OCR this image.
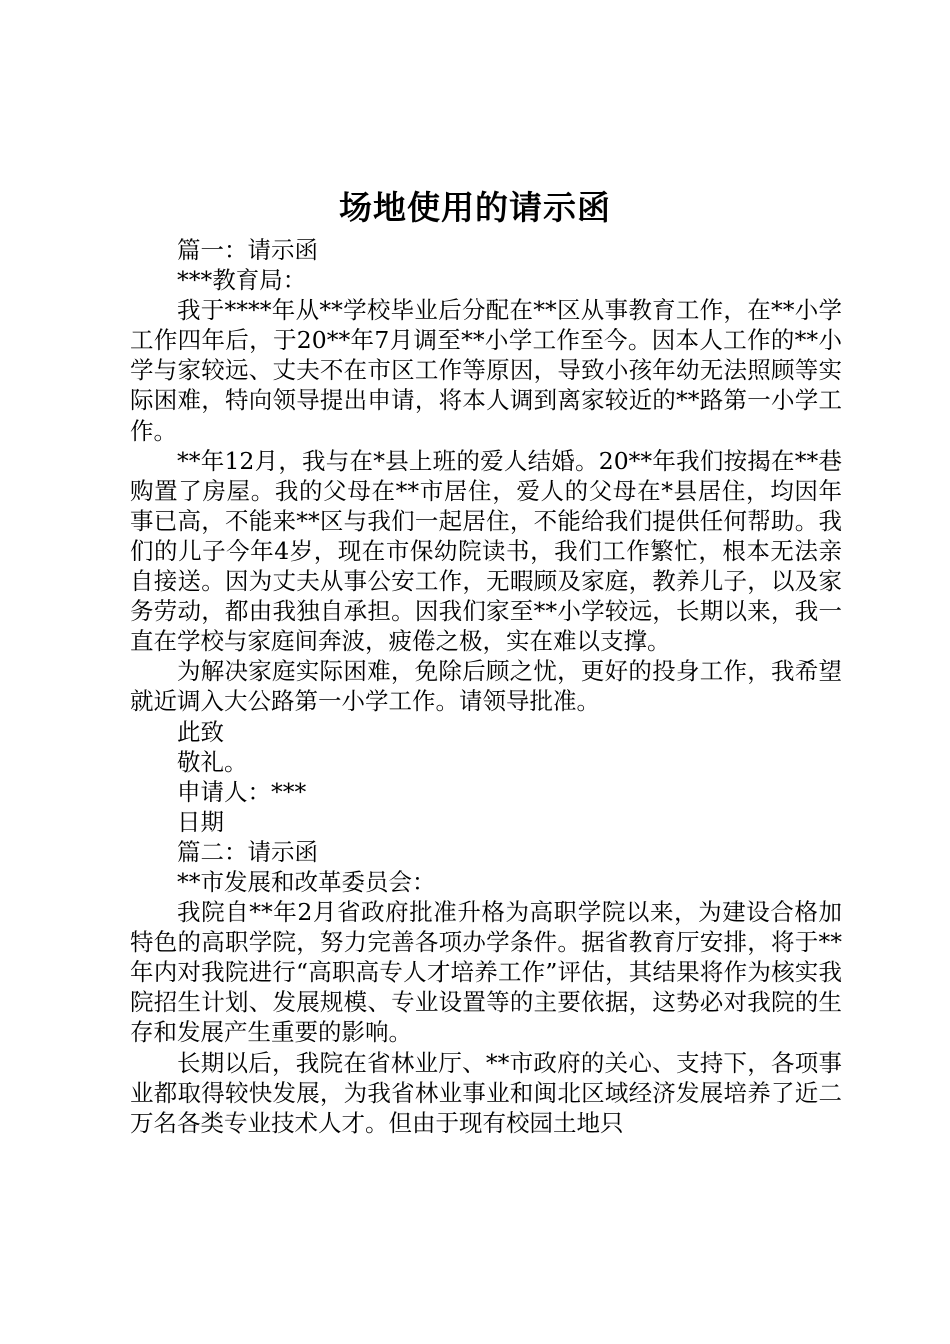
场地使用的请示函

篇一：请示函

***教育局：

我于****年从**学校毕业后分配在**区从事教育工作，在**小学工作四年后，于20**年7月调至**小学工作至今。因本人工作的**小学与家较远、丈夫不在市区工作等原因，导致小孩年幼无法照顾等实际困难，特向领导提出申请，将本人调到离家较近的**路第一小学工作。

**年12月，我与在*县上班的爱人结婚。20**年我们按揭在**巷购置了房屋。我的父母在**市居住，爱人的父母在*县居住，均因年事已高，不能来**区与我们一起居住，不能给我们提供任何帮助。我们的儿子今年4岁，现在市保幼院读书，我们工作繁忙，根本无法亲自接送。因为丈夫从事公安工作，无暇顾及家庭，教养儿子，以及家务劳动，都由我独自承担。因我们家至**小学较远，长期以来，我一直在学校与家庭间奔波，疲倦之极，实在难以支撑。

为解决家庭实际困难，免除后顾之忧，更好的投身工作，我希望就近调入大公路第一小学工作。请领导批准。

此致

敬礼。

申请人：***

日期

篇二：请示函

**市发展和改革委员会：

我院自**年2月省政府批准升格为高职学院以来，为建设合格加特色的高职学院，努力完善各项办学条件。据省教育厅安排，将于**年内对我院进行“高职高专人才培养工作”评估，其结果将作为核实我院招生计划、发展规模、专业设置等的主要依据，这势必对我院的生存和发展产生重要的影响。

长期以后，我院在省林业厅、**市政府的关心、支持下，各项事业都取得较快发展，为我省林业事业和闽北区域经济发展培养了近二万名各类专业技术人才。但由于现有校园土地只
